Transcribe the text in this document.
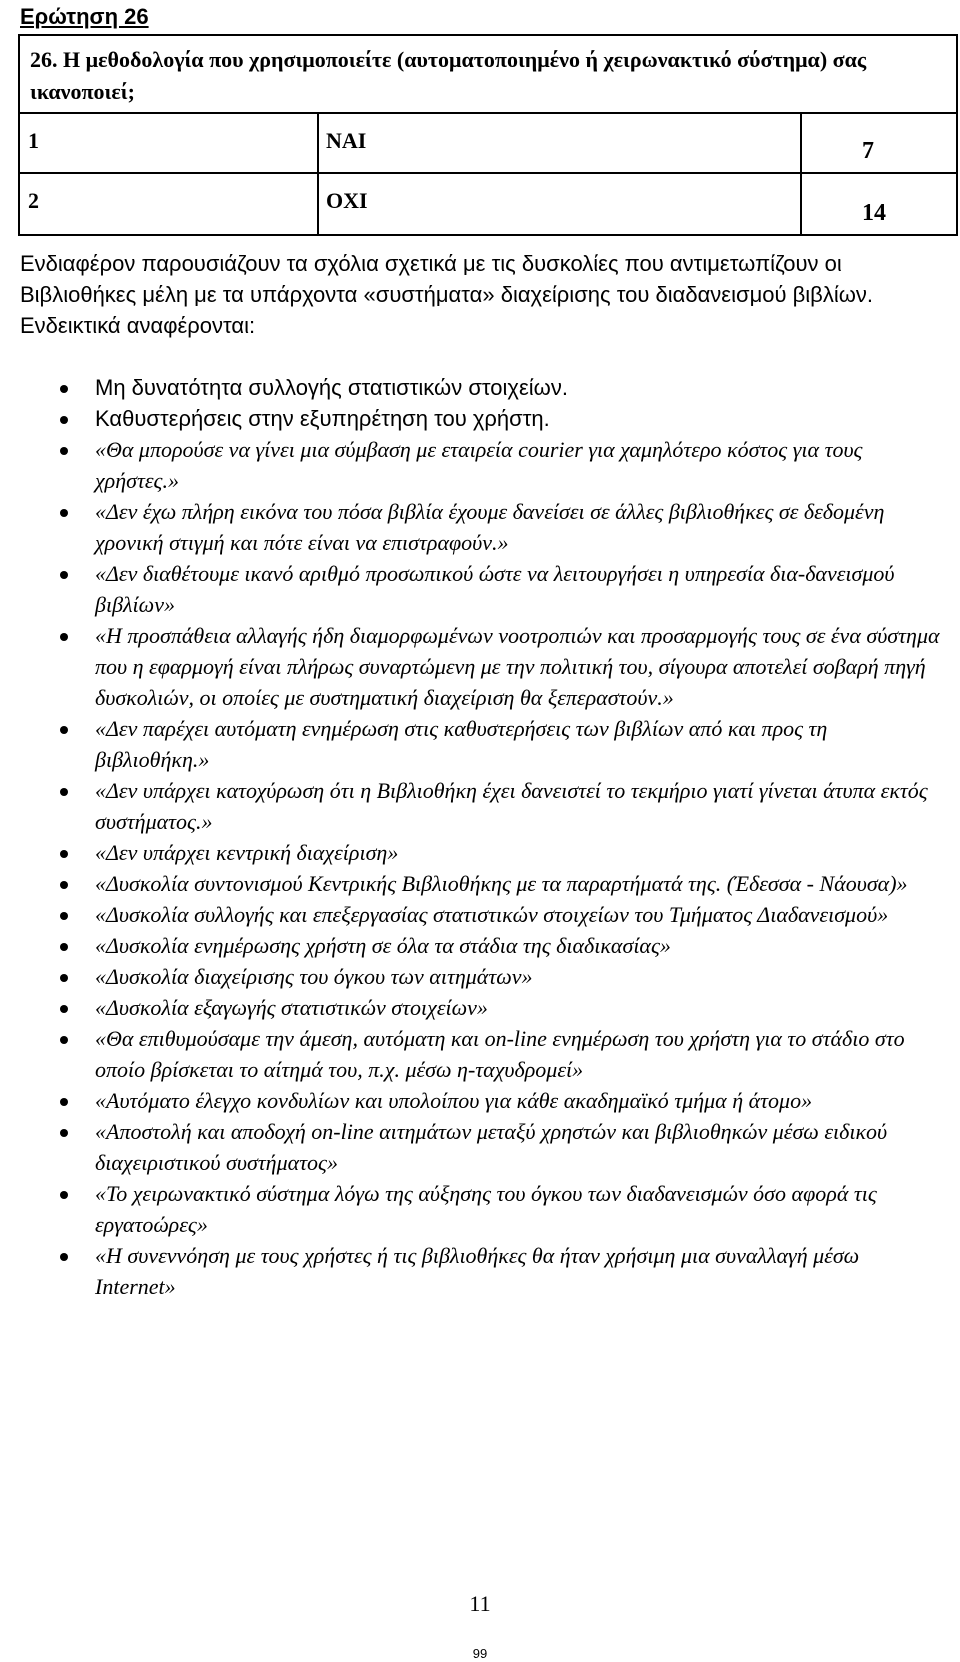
Ερώτηση 26
26. Η μεθοδολογία που χρησιμοποιείτε (αυτοματοποιημένο ή χειρωνακτικό σύστημα) σας ικανοποιεί;
1	ΝΑΙ	7
2	ΟΧΙ	14
Ενδιαφέρον παρουσιάζουν τα σχόλια σχετικά με τις δυσκολίες που αντιμετωπίζουν οι Βιβλιοθήκες μέλη με τα υπάρχοντα «συστήματα» διαχείρισης του διαδανεισμού βιβλίων. Ενδεικτικά αναφέρονται:
Μη δυνατότητα συλλογής στατιστικών στοιχείων.
Καθυστερήσεις στην εξυπηρέτηση του χρήστη.
«Θα μπορούσε να γίνει μια σύμβαση με εταιρεία courier για χαμηλότερο κόστος για τους χρήστες.»
«Δεν έχω πλήρη εικόνα του πόσα βιβλία έχουμε δανείσει σε άλλες βιβλιοθήκες σε δεδομένη χρονική στιγμή και πότε είναι να επιστραφούν.»
«Δεν διαθέτουμε ικανό αριθμό προσωπικού ώστε να λειτουργήσει η υπηρεσία δια-δανεισμού βιβλίων»
«Η προσπάθεια αλλαγής ήδη διαμορφωμένων νοοτροπιών και προσαρμογής τους σε ένα σύστημα που η εφαρμογή είναι πλήρως συναρτώμενη με την πολιτική του, σίγουρα αποτελεί σοβαρή πηγή δυσκολιών, οι οποίες με συστηματική διαχείριση θα ξεπεραστούν.»
«Δεν παρέχει αυτόματη ενημέρωση στις καθυστερήσεις των βιβλίων από και προς τη βιβλιοθήκη.»
«Δεν υπάρχει κατοχύρωση ότι η Βιβλιοθήκη έχει δανειστεί το τεκμήριο γιατί γίνεται άτυπα εκτός συστήματος.»
«Δεν υπάρχει κεντρική διαχείριση»
«Δυσκολία συντονισμού Κεντρικής Βιβλιοθήκης με τα παραρτήματά της. (Έδεσσα - Νάουσα)»
«Δυσκολία συλλογής και επεξεργασίας στατιστικών στοιχείων του Τμήματος Διαδανεισμού»
«Δυσκολία ενημέρωσης χρήστη σε όλα τα στάδια της διαδικασίας»
«Δυσκολία διαχείρισης του όγκου των αιτημάτων»
«Δυσκολία εξαγωγής στατιστικών στοιχείων»
«Θα επιθυμούσαμε την άμεση, αυτόματη και on-line ενημέρωση του χρήστη για το στάδιο στο οποίο βρίσκεται το αίτημά του, π.χ. μέσω η-ταχυδρομεί»
«Αυτόματο έλεγχο κονδυλίων και υπολοίπου για κάθε ακαδημαϊκό τμήμα ή άτομο»
«Αποστολή και αποδοχή on-line αιτημάτων μεταξύ χρηστών και βιβλιοθηκών μέσω ειδικού διαχειριστικού συστήματος»
«Το χειρωνακτικό σύστημα λόγω της αύξησης του όγκου των διαδανεισμών όσο αφορά τις εργατοώρες»
«Η συνεννόηση με τους χρήστες ή τις βιβλιοθήκες θα ήταν χρήσιμη μια συναλλαγή μέσω Internet»
11
99
